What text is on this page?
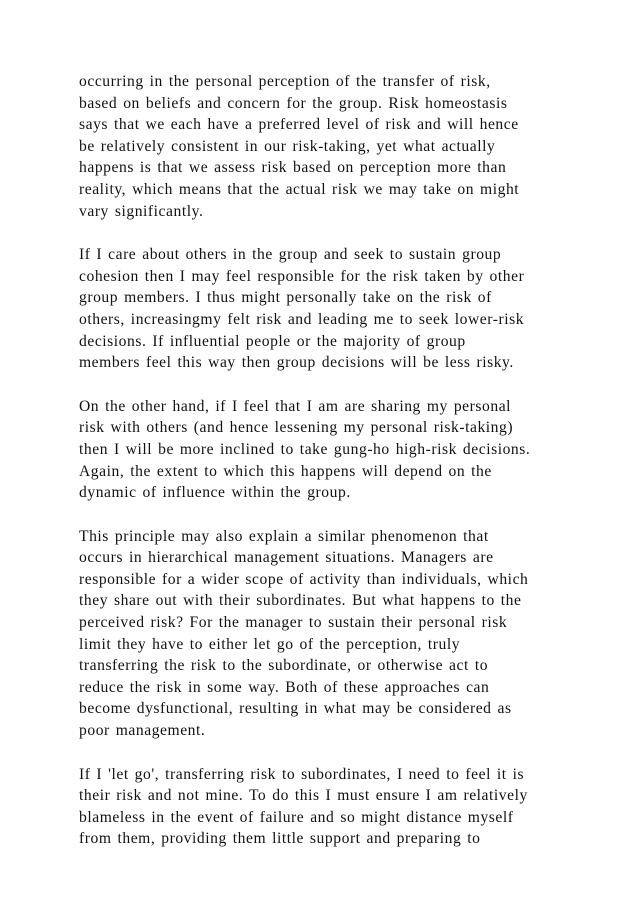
occurring in the personal perception of the transfer of risk,
based on beliefs and concern for the group. Risk homeostasis
says that we each have a preferred level of risk and will hence
be relatively consistent in our risk-taking, yet what actually
happens is that we assess risk based on perception more than
reality, which means that the actual risk we may take on might
vary significantly.

If I care about others in the group and seek to sustain group
cohesion then I may feel responsible for the risk taken by other
group members. I thus might personally take on the risk of
others, increasingmy felt risk and leading me to seek lower-risk
decisions. If influential people or the majority of group
members feel this way then group decisions will be less risky.

On the other hand, if I feel that I am are sharing my personal
risk with others (and hence lessening my personal risk-taking)
then I will be more inclined to take gung-ho high-risk decisions.
Again, the extent to which this happens will depend on the
dynamic of influence within the group.

This principle may also explain a similar phenomenon that
occurs in hierarchical management situations. Managers are
responsible for a wider scope of activity than individuals, which
they share out with their subordinates. But what happens to the
perceived risk? For the manager to sustain their personal risk
limit they have to either let go of the perception, truly
transferring the risk to the subordinate, or otherwise act to
reduce the risk in some way. Both of these approaches can
become dysfunctional, resulting in what may be considered as
poor management.

If I 'let go', transferring risk to subordinates, I need to feel it is
their risk and not mine. To do this I must ensure I am relatively
blameless in the event of failure and so might distance myself
from them, providing them little support and preparing to
